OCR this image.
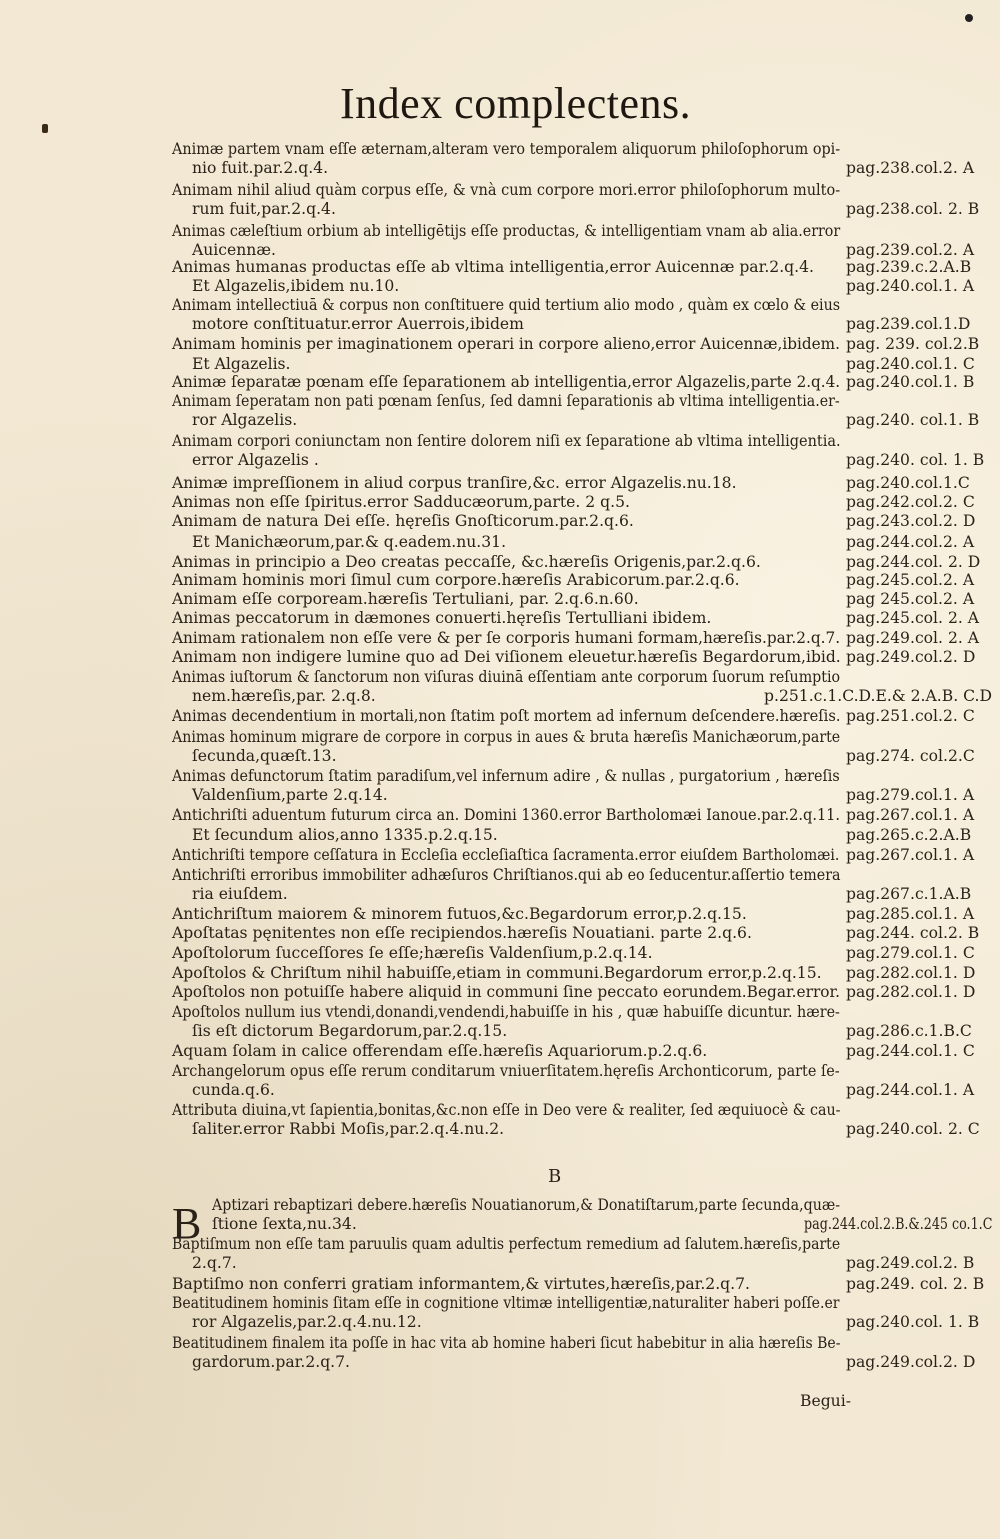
Index complectens.
Animæ partem vnam eſſe æternam,alteram vero temporalem aliquorum philoſophorum opi-
nio fuit.par.2.q.4.	pag.238.col.2. A
Animam nihil aliud quàm corpus eſſe, & vnà cum corpore mori.error philoſophorum multo-
rum fuit,par.2.q.4.	pag.238.col. 2. B
Animas cæleſtium orbium ab intelligētijs eſſe productas, & intelligentiam vnam ab alia.error
Auicennæ.	pag.239.col.2. A
Animas humanas productas eſſe ab vltima intelligentia,error Auicennæ par.2.q.4. pag.239.c.2.A.B
Et Algazelis,ibidem nu.10.	pag.240.col.1. A
Animam intellectiuā & corpus non conſtituere quid tertium alio modo , quàm ex cœlo & eius
motore conſtituatur.error Auerrois,ibidem	pag.239.col.1.D
Animam hominis per imaginationem operari in corpore alieno,error Auicennæ,ibidem. pag. 239. col.2.B
Et Algazelis.	pag.240.col.1. C
Animæ ſeparatæ pœnam eſſe ſeparationem ab intelligentia,error Algazelis,parte 2.q.4. pag.240.col.1. B
Animam ſeperatam non pati pœnam ſenſus, ſed damni ſeparationis ab vltima intelligentia.er-
ror Algazelis.	pag.240. col.1. B
Animam corpori coniunctam non ſentire dolorem niſi ex ſeparatione ab vltima intelligentia.
error Algazelis .	pag.240. col. 1. B
Animæ impreſſionem in aliud corpus tranſire,&c. error Algazelis.nu.18.	pag.240.col.1.C
Animas non eſſe ſpiritus.error Sadducæorum,parte. 2 q.5.	pag.242.col.2. C
Animam de natura Dei eſſe. hęreſis Gnoſticorum.par.2.q.6.	pag.243.col.2. D
Et Manichæorum,par.& q.eadem.nu.31.	pag.244.col.2. A
Animas in principio a Deo creatas peccaſſe, &c.hæreſis Origenis,par.2.q.6.	pag.244.col. 2. D
Animam hominis mori ſimul cum corpore.hæreſis Arabicorum.par.2.q.6.	pag.245.col.2. A
Animam eſſe corpoream.hæreſis Tertuliani, par. 2.q.6.n.60.	pag 245.col.2. A
Animas peccatorum in dæmones conuerti.hęreſis Tertulliani ibidem.	pag.245.col. 2. A
Animam rationalem non eſſe vere & per ſe corporis humani formam,hæreſis.par.2.q.7. pag.249.col. 2. A
Animam non indigere lumine quo ad Dei viſionem eleuetur.hæreſis Begardorum,ibid. pag.249.col.2. D
Animas iuſtorum & ſanctorum non viſuras diuinā eſſentiam ante corporum ſuorum reſumptio
nem.hæreſis,par. 2.q.8.	p.251.c.1.C.D.E.& 2.A.B. C.D
Animas decendentium in mortali,non ſtatim poſt mortem ad infernum deſcendere.hæreſis. pag.251.col.2. C
Animas hominum migrare de corpore in corpus in aues & bruta hæreſis Manichæorum,parte
ſecunda,quæſt.13.	pag.274. col.2.C
Animas defunctorum ſtatim paradiſum,vel infernum adire , & nullas , purgatorium , hæreſis
Valdenſium,parte 2.q.14.	pag.279.col.1. A
Antichriſti aduentum futurum circa an. Domini 1360.error Bartholomæi Ianoue.par.2.q.11. pag.267.col.1. A
Et ſecundum alios,anno 1335.p.2.q.15.	pag.265.c.2.A.B
Antichriſti tempore ceſſatura in Eccleſia eccleſiaſtica ſacramenta.error eiuſdem Bartholomæi. pag.267.col.1. A
Antichriſti erroribus immobiliter adhæſuros Chriſtianos.qui ab eo ſeducentur.aſſertio temera
ria eiuſdem.	pag.267.c.1.A.B
Antichriſtum maiorem & minorem futuos,&c.Begardorum error,p.2.q.15.	pag.285.col.1. A
Apoſtatas pęnitentes non eſſe recipiendos.hæreſis Nouatiani. parte 2.q.6.	pag.244. col.2. B
Apoſtolorum ſucceſſores ſe eſſe;hæreſis Valdenſium,p.2.q.14.	pag.279.col.1. C
Apoſtolos & Chriſtum nihil habuiſſe,etiam in communi.Begardorum error,p.2.q.15. pag.282.col.1. D
Apoſtolos non potuiſſe habere aliquid in communi ſine peccato eorundem.Begar.error. pag.282.col.1. D
Apoſtolos nullum ius vtendi,donandi,vendendi,habuiſſe in his , quæ habuiſſe dicuntur. hære-
ſis eſt dictorum Begardorum,par.2.q.15.	pag.286.c.1.B.C
Aquam ſolam in calice offerendam eſſe.hæreſis Aquariorum.p.2.q.6.	pag.244.col.1. C
Archangelorum opus eſſe rerum conditarum vniuerſitatem.hęreſis Archonticorum, parte ſe-
cunda.q.6.	pag.244.col.1. A
Attributa diuina,vt ſapientia,bonitas,&c.non eſſe in Deo vere & realiter, ſed æquiuocè & cau-
ſaliter.error Rabbi Moſis,par.2.q.4.nu.2.	pag.240.col. 2. C
B
B Aptizari rebaptizari debere.hæreſis Nouatianorum,& Donatiſtarum,parte ſecunda,quæ-
ſtione ſexta,nu.34.	pag.244.col.2.B.&.245 co.1.C
Baptiſmum non eſſe tam paruulis quam adultis perfectum remedium ad ſalutem.hæreſis,parte
2.q.7.	pag.249.col.2. B
Baptiſmo non conferri gratiam informantem,& virtutes,hæreſis,par.2.q.7.	pag.249. col. 2. B
Beatitudinem hominis ſitam eſſe in cognitione vltimæ intelligentiæ,naturaliter haberi poſſe.er
ror Algazelis,par.2.q.4.nu.12.	pag.240.col. 1. B
Beatitudinem finalem ita poſſe in hac vita ab homine haberi ſicut habebitur in alia hæreſis Be-
gardorum.par.2.q.7.	pag.249.col.2. D
Begui-
